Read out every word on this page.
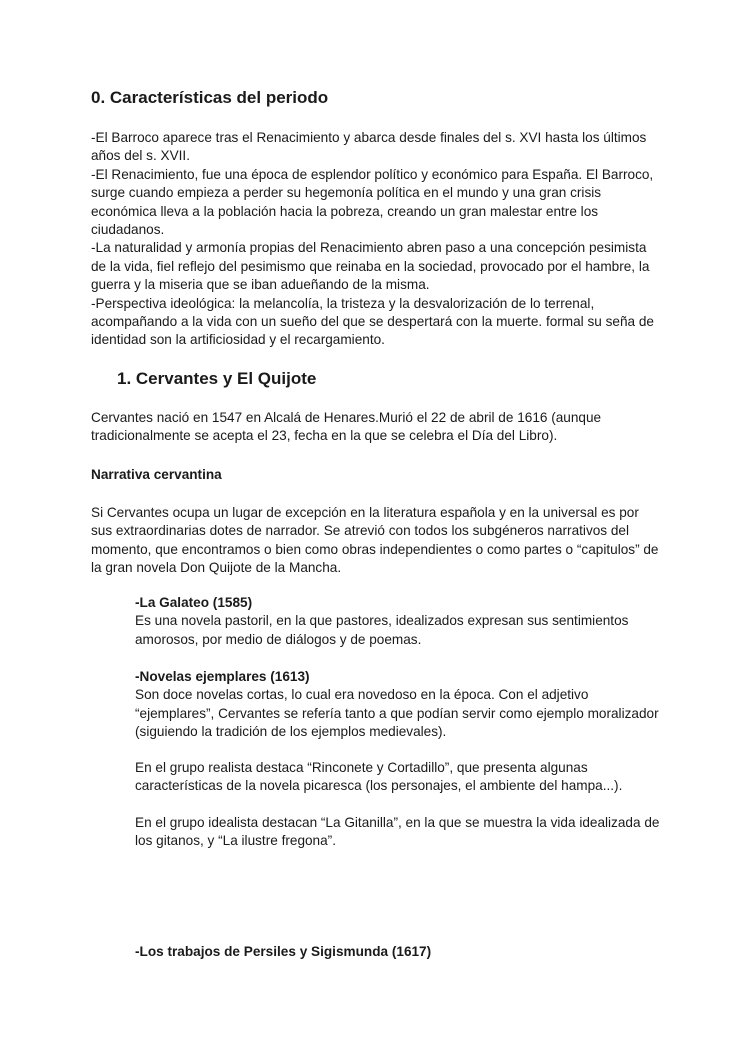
0. Características del periodo

-El Barroco aparece tras el Renacimiento y abarca desde finales del s. XVI hasta los últimos años del s. XVII.

-El Renacimiento, fue una época de esplendor político y económico para España. El Barroco, surge cuando empieza a perder su hegemonía política en el mundo y una gran crisis económica lleva a la población hacia la pobreza, creando un gran malestar entre los ciudadanos.

-La naturalidad y armonía propias del Renacimiento abren paso a una concepción pesimista de la vida, fiel reflejo del pesimismo que reinaba en la sociedad, provocado por el hambre, la guerra y la miseria que se iban adueñando de la misma.

-Perspectiva ideológica: la melancolía, la tristeza y la desvalorización de lo terrenal, acompañando a la vida con un sueño del que se despertará con la muerte. formal su seña de identidad son la artificiosidad y el recargamiento.

1. Cervantes y El Quijote

Cervantes nació en 1547 en Alcalá de Henares.Murió el 22 de abril de 1616 (aunque tradicionalmente se acepta el 23, fecha en la que se celebra el Día del Libro).

Narrativa cervantina

Si Cervantes ocupa un lugar de excepción en la literatura española y en la universal es por sus extraordinarias dotes de narrador. Se atrevió con todos los subgéneros narrativos del momento, que encontramos o bien como obras independientes o como partes o “capitulos” de la gran novela Don Quijote de la Mancha.

-La Galateo (1585)

Es una novela pastoril, en la que pastores, idealizados expresan sus sentimientos amorosos, por medio de diálogos y de poemas.

-Novelas ejemplares (1613)

Son doce novelas cortas, lo cual era novedoso en la época. Con el adjetivo “ejemplares”, Cervantes se refería tanto a que podían servir como ejemplo moralizador (siguiendo la tradición de los ejemplos medievales).

En el grupo realista destaca “Rinconete y Cortadillo”, que presenta algunas características de la novela picaresca (los personajes, el ambiente del hampa...).

En el grupo idealista destacan “La Gitanilla”, en la que se muestra la vida idealizada de los gitanos, y “La ilustre fregona”.

-Los trabajos de Persiles y Sigismunda (1617)
